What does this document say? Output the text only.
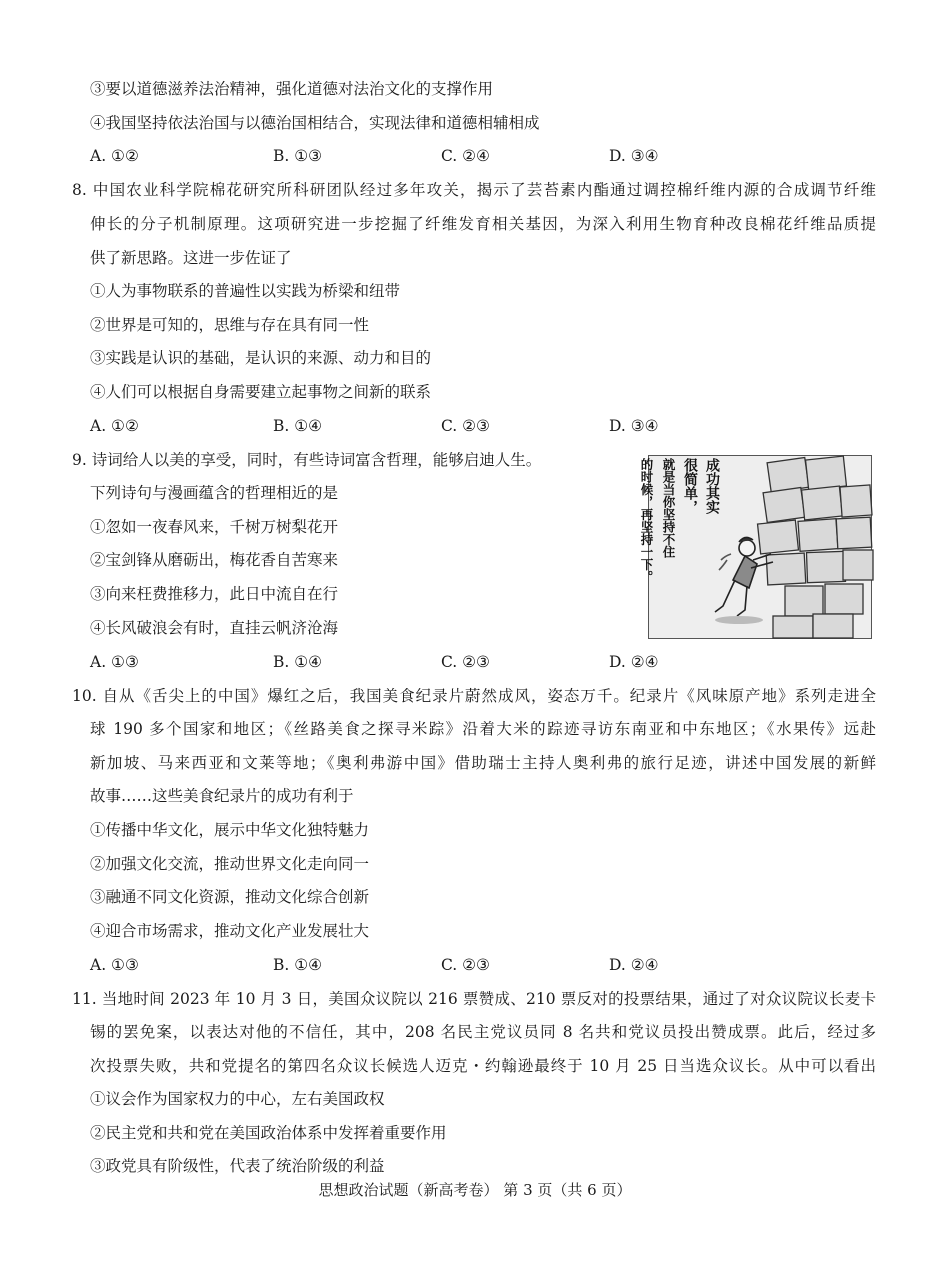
③要以道德滋养法治精神，强化道德对法治文化的支撑作用
④我国坚持依法治国与以德治国相结合，实现法律和道德相辅相成
A. ①②	B. ①③	C. ②④	D. ③④
8. 中国农业科学院棉花研究所科研团队经过多年攻关，揭示了芸苔素内酯通过调控棉纤维内源的合成调节纤维
伸长的分子机制原理。这项研究进一步挖掘了纤维发育相关基因，为深入利用生物育种改良棉花纤维品质提
供了新思路。这进一步佐证了
①人为事物联系的普遍性以实践为桥梁和纽带
②世界是可知的，思维与存在具有同一性
③实践是认识的基础，是认识的来源、动力和目的
④人们可以根据自身需要建立起事物之间新的联系
A. ①②	B. ①④	C. ②③	D. ③④
9. 诗词给人以美的享受，同时，有些诗词富含哲理，能够启迪人生。
下列诗句与漫画蕴含的哲理相近的是
①忽如一夜春风来，千树万树梨花开
②宝剑锋从磨砺出，梅花香自苦寒来
③向来枉费推移力，此日中流自在行
④长风破浪会有时，直挂云帆济沧海
A. ①③	B. ①④	C. ②③	D. ②④
成功其实
很简单，
就是当你坚持不住
的时候，再坚持一下。
10. 自从《舌尖上的中国》爆红之后，我国美食纪录片蔚然成风，姿态万千。纪录片《风味原产地》系列走进全
球 190 多个国家和地区；《丝路美食之探寻米踪》沿着大米的踪迹寻访东南亚和中东地区；《水果传》远赴
新加坡、马来西亚和文莱等地；《奥利弗游中国》借助瑞士主持人奥利弗的旅行足迹，讲述中国发展的新鲜
故事……这些美食纪录片的成功有利于
①传播中华文化，展示中华文化独特魅力
②加强文化交流，推动世界文化走向同一
③融通不同文化资源，推动文化综合创新
④迎合市场需求，推动文化产业发展壮大
A. ①③	B. ①④	C. ②③	D. ②④
11. 当地时间 2023 年 10 月 3 日，美国众议院以 216 票赞成、210 票反对的投票结果，通过了对众议院议长麦卡
锡的罢免案，以表达对他的不信任，其中，208 名民主党议员同 8 名共和党议员投出赞成票。此后，经过多
次投票失败，共和党提名的第四名众议长候选人迈克・约翰逊最终于 10 月 25 日当选众议长。从中可以看出
①议会作为国家权力的中心，左右美国政权
②民主党和共和党在美国政治体系中发挥着重要作用
③政党具有阶级性，代表了统治阶级的利益
思想政治试题（新高考卷） 第 3 页（共 6 页）
